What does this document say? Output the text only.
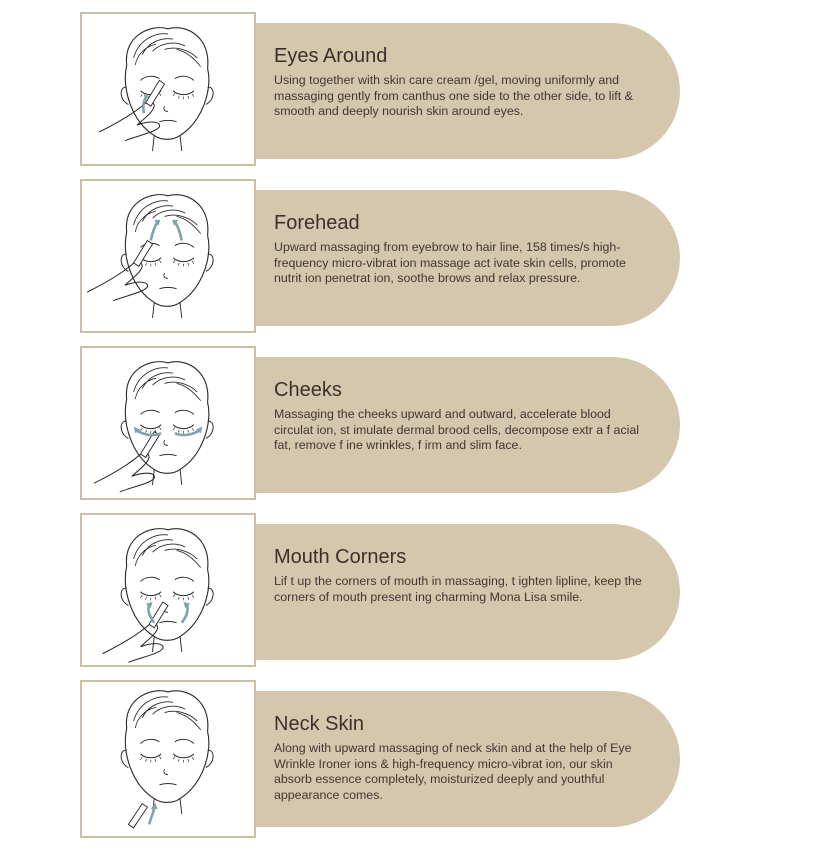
Eyes Around

Using together with skin care cream /gel, moving uniformly and massaging gently from canthus one side to the other side, to lift & smooth and deeply nourish skin around eyes.

Forehead

Upward massaging from eyebrow to hair line, 158 times/s high-frequency micro-vibrat ion massage act ivate skin cells, promote nutrit ion penetrat ion, soothe brows and relax pressure.

Cheeks

Massaging the cheeks upward and outward, accelerate blood circulat ion, st imulate dermal brood cells, decompose extr a f acial fat, remove f ine wrinkles, f irm and slim face.

Mouth Corners

Lif t up the corners of mouth in massaging, t ighten lipline, keep the corners of mouth present ing charming Mona Lisa smile.

Neck Skin

Along with upward massaging of neck skin and at the help of Eye Wrinkle Ironer ions & high-frequency micro-vibrat ion, our skin absorb essence completely, moisturized deeply and youthful appearance comes.
